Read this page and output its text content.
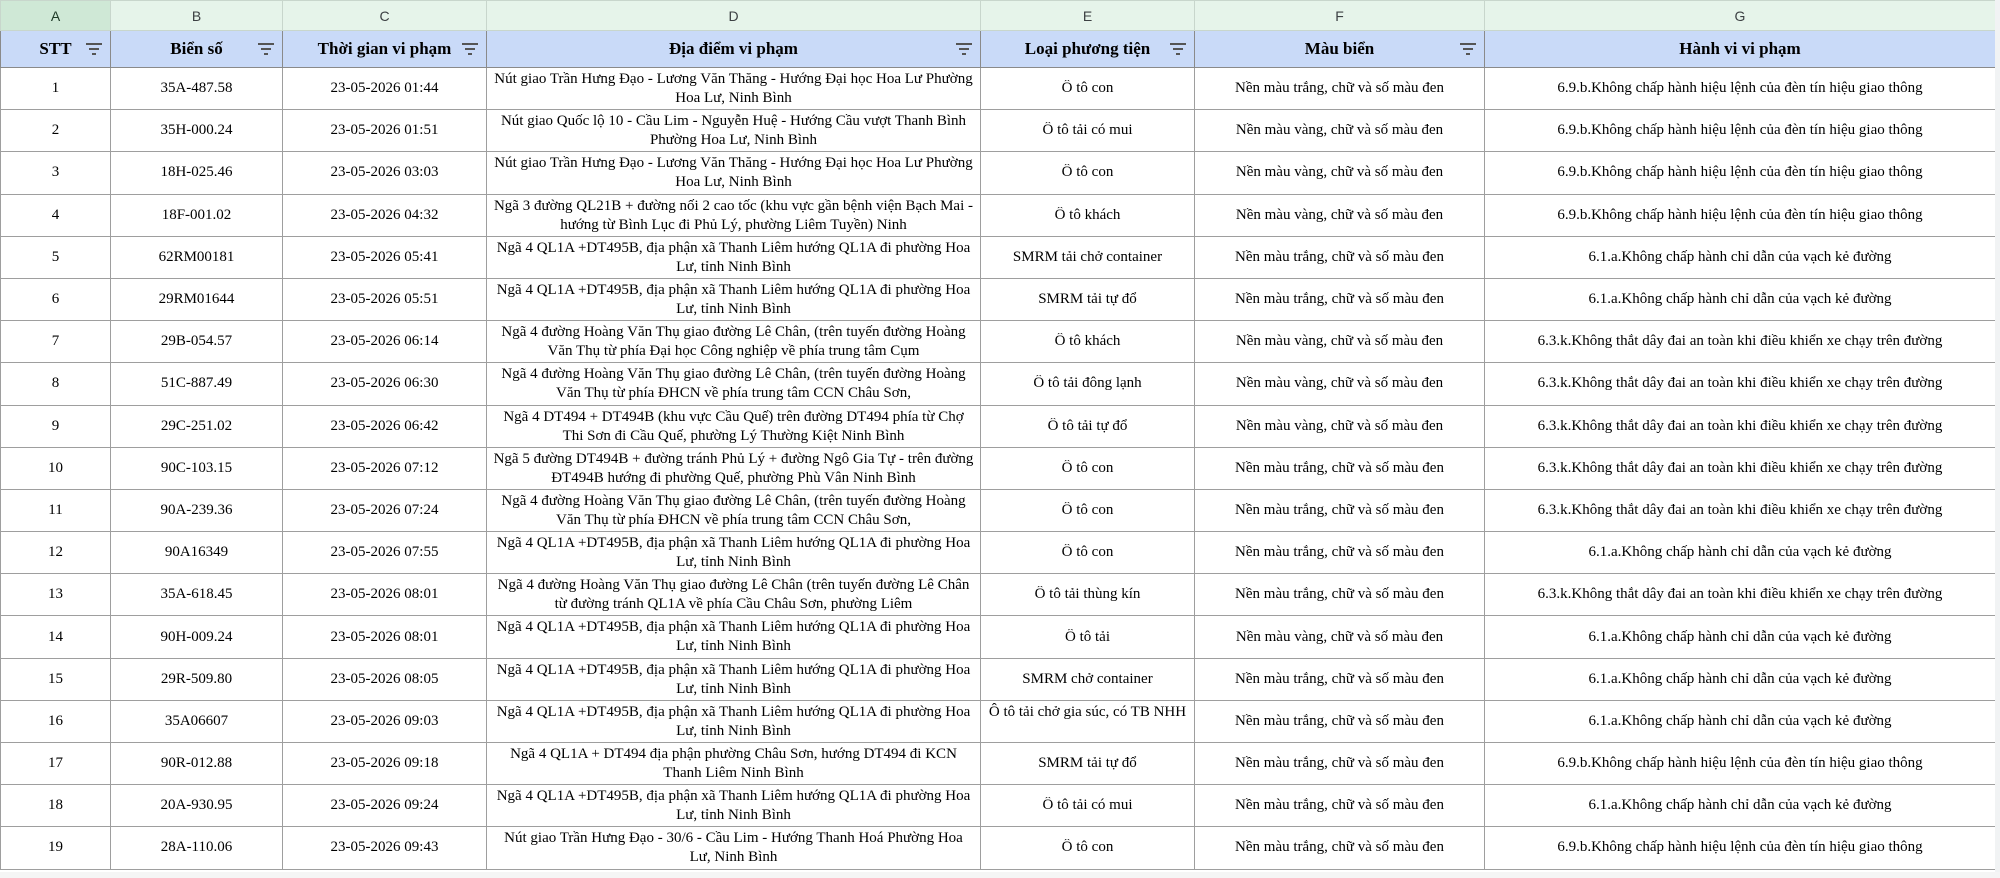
A	B	C	D	E	F	G
STT	Biển số	Thời gian vi phạm	Địa điểm vi phạm	Loại phương tiện	Màu biển	Hành vi vi phạm

1	35A-487.58	23-05-2026 01:44	Nút giao Trần Hưng Đạo - Lương Văn Thăng - Hướng Đại học Hoa Lư Phường Hoa Lư, Ninh Bình	Ô tô con	Nền màu trắng, chữ và số màu đen	6.9.b.Không chấp hành hiệu lệnh của đèn tín hiệu giao thông

2	35H-000.24	23-05-2026 01:51	Nút giao Quốc lộ 10 - Cầu Lim - Nguyễn Huệ - Hướng Cầu vượt Thanh Bình Phường Hoa Lư, Ninh Bình	Ô tô tải có mui	Nền màu vàng, chữ và số màu đen	6.9.b.Không chấp hành hiệu lệnh của đèn tín hiệu giao thông

3	18H-025.46	23-05-2026 03:03	Nút giao Trần Hưng Đạo - Lương Văn Thăng - Hướng Đại học Hoa Lư Phường Hoa Lư, Ninh Bình	Ô tô con	Nền màu vàng, chữ và số màu đen	6.9.b.Không chấp hành hiệu lệnh của đèn tín hiệu giao thông

4	18F-001.02	23-05-2026 04:32	Ngã 3 đường QL21B + đường nối 2 cao tốc (khu vực gần bệnh viện Bạch Mai - hướng từ Bình Lục đi Phủ Lý, phường Liêm Tuyền) Ninh	Ô tô khách	Nền màu vàng, chữ và số màu đen	6.9.b.Không chấp hành hiệu lệnh của đèn tín hiệu giao thông

5	62RM00181	23-05-2026 05:41	Ngã 4 QL1A +DT495B, địa phận xã Thanh Liêm hướng QL1A đi phường Hoa Lư, tỉnh Ninh Bình	SMRM tải chở container	Nền màu trắng, chữ và số màu đen	6.1.a.Không chấp hành chỉ dẫn của vạch kẻ đường

6	29RM01644	23-05-2026 05:51	Ngã 4 QL1A +DT495B, địa phận xã Thanh Liêm hướng QL1A đi phường Hoa Lư, tỉnh Ninh Bình	SMRM tải tự đổ	Nền màu trắng, chữ và số màu đen	6.1.a.Không chấp hành chỉ dẫn của vạch kẻ đường

7	29B-054.57	23-05-2026 06:14	Ngã 4 đường Hoàng Văn Thụ giao đường Lê Chân, (trên tuyến đường Hoàng Văn Thụ từ phía Đại học Công nghiệp về phía trung tâm Cụm	Ô tô khách	Nền màu vàng, chữ và số màu đen	6.3.k.Không thắt dây đai an toàn khi điều khiển xe chạy trên đường

8	51C-887.49	23-05-2026 06:30	Ngã 4 đường Hoàng Văn Thụ giao đường Lê Chân, (trên tuyến đường Hoàng Văn Thụ từ phía ĐHCN về phía trung tâm CCN Châu Sơn,	Ô tô tải đông lạnh	Nền màu vàng, chữ và số màu đen	6.3.k.Không thắt dây đai an toàn khi điều khiển xe chạy trên đường

9	29C-251.02	23-05-2026 06:42	Ngã 4 DT494 + DT494B (khu vực Cầu Quế) trên đường DT494 phía từ Chợ Thi Sơn đi Cầu Quế, phường Lý Thường Kiệt Ninh Bình	Ô tô tải tự đổ	Nền màu vàng, chữ và số màu đen	6.3.k.Không thắt dây đai an toàn khi điều khiển xe chạy trên đường

10	90C-103.15	23-05-2026 07:12	Ngã 5 đường DT494B + đường tránh Phủ Lý + đường Ngô Gia Tự - trên đường ĐT494B hướng đi phường Quế, phường Phù Vân Ninh Bình	Ô tô con	Nền màu trắng, chữ và số màu đen	6.3.k.Không thắt dây đai an toàn khi điều khiển xe chạy trên đường

11	90A-239.36	23-05-2026 07:24	Ngã 4 đường Hoàng Văn Thụ giao đường Lê Chân, (trên tuyến đường Hoàng Văn Thụ từ phía ĐHCN về phía trung tâm CCN Châu Sơn,	Ô tô con	Nền màu trắng, chữ và số màu đen	6.3.k.Không thắt dây đai an toàn khi điều khiển xe chạy trên đường

12	90A16349	23-05-2026 07:55	Ngã 4 QL1A +DT495B, địa phận xã Thanh Liêm hướng QL1A đi phường Hoa Lư, tỉnh Ninh Bình	Ô tô con	Nền màu trắng, chữ và số màu đen	6.1.a.Không chấp hành chỉ dẫn của vạch kẻ đường

13	35A-618.45	23-05-2026 08:01	Ngã 4 đường Hoàng Văn Thụ giao đường Lê Chân (trên tuyến đường Lê Chân từ đường tránh QL1A về phía Cầu Châu Sơn, phường Liêm	Ô tô tải thùng kín	Nền màu trắng, chữ và số màu đen	6.3.k.Không thắt dây đai an toàn khi điều khiển xe chạy trên đường

14	90H-009.24	23-05-2026 08:01	Ngã 4 QL1A +DT495B, địa phận xã Thanh Liêm hướng QL1A đi phường Hoa Lư, tỉnh Ninh Bình	Ô tô tải	Nền màu vàng, chữ và số màu đen	6.1.a.Không chấp hành chỉ dẫn của vạch kẻ đường

15	29R-509.80	23-05-2026 08:05	Ngã 4 QL1A +DT495B, địa phận xã Thanh Liêm hướng QL1A đi phường Hoa Lư, tỉnh Ninh Bình	SMRM chở container	Nền màu trắng, chữ và số màu đen	6.1.a.Không chấp hành chỉ dẫn của vạch kẻ đường

16	35A06607	23-05-2026 09:03	Ngã 4 QL1A +DT495B, địa phận xã Thanh Liêm hướng QL1A đi phường Hoa Lư, tỉnh Ninh Bình	Ô tô tải chở gia súc, có TB NHH	Nền màu trắng, chữ và số màu đen	6.1.a.Không chấp hành chỉ dẫn của vạch kẻ đường

17	90R-012.88	23-05-2026 09:18	Ngã 4 QL1A + DT494 địa phận phường Châu Sơn, hướng DT494 đi KCN Thanh Liêm Ninh Bình	SMRM tải tự đổ	Nền màu trắng, chữ và số màu đen	6.9.b.Không chấp hành hiệu lệnh của đèn tín hiệu giao thông

18	20A-930.95	23-05-2026 09:24	Ngã 4 QL1A +DT495B, địa phận xã Thanh Liêm hướng QL1A đi phường Hoa Lư, tỉnh Ninh Bình	Ô tô tải có mui	Nền màu trắng, chữ và số màu đen	6.1.a.Không chấp hành chỉ dẫn của vạch kẻ đường

19	28A-110.06	23-05-2026 09:43	Nút giao Trần Hưng Đạo - 30/6 - Cầu Lim - Hướng Thanh Hoá Phường Hoa Lư, Ninh Bình	Ô tô con	Nền màu trắng, chữ và số màu đen	6.9.b.Không chấp hành hiệu lệnh của đèn tín hiệu giao thông
